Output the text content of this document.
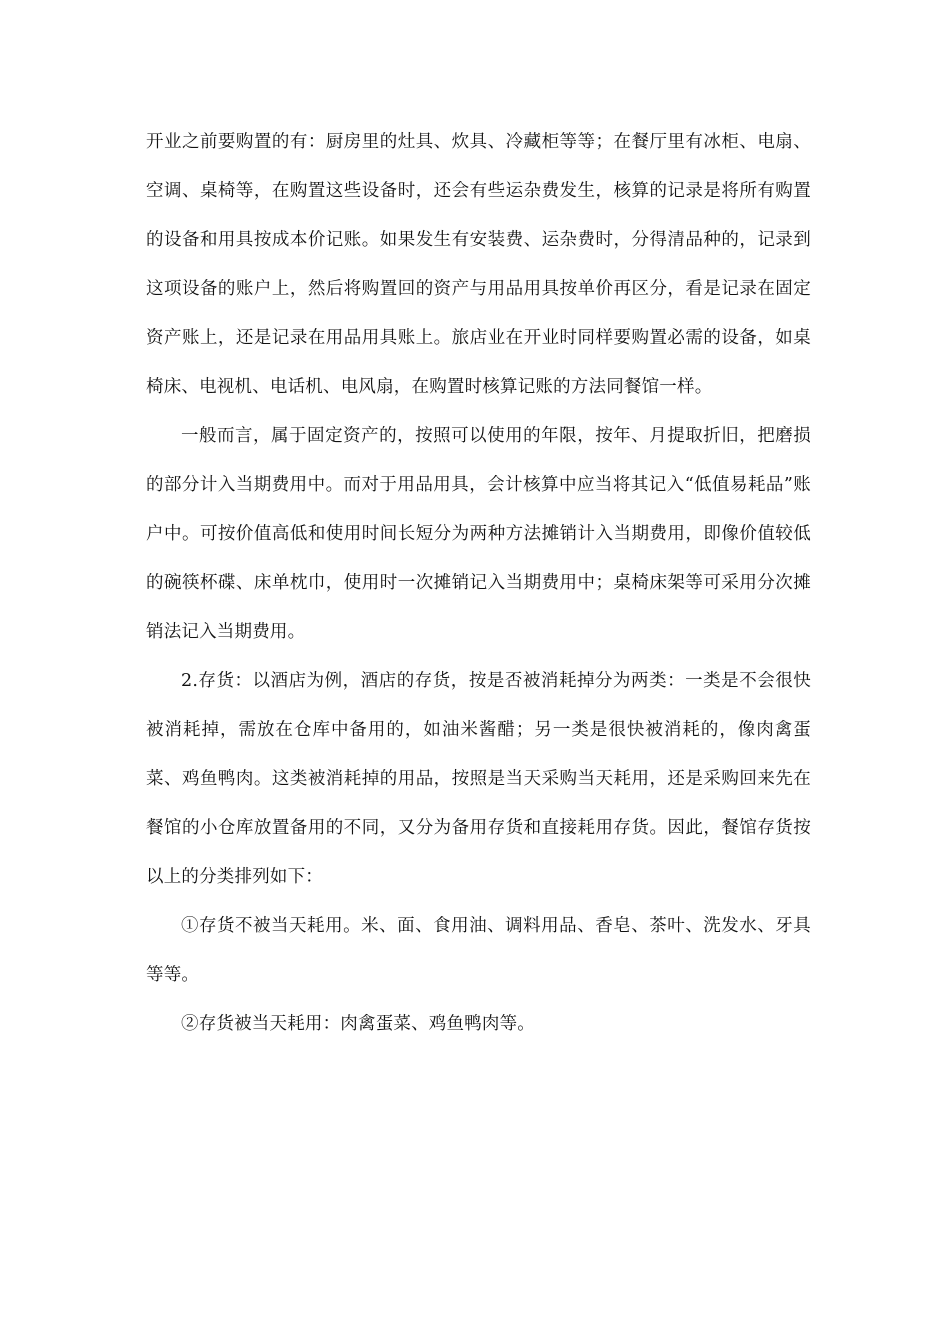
开业之前要购置的有：厨房里的灶具、炊具、冷藏柜等等；在餐厅里有冰柜、电扇、空调、桌椅等，在购置这些设备时，还会有些运杂费发生，核算的记录是将所有购置的设备和用具按成本价记账。如果发生有安装费、运杂费时，分得清品种的，记录到这项设备的账户上，然后将购置回的资产与用品用具按单价再区分，看是记录在固定资产账上，还是记录在用品用具账上。旅店业在开业时同样要购置必需的设备，如桌椅床、电视机、电话机、电风扇，在购置时核算记账的方法同餐馆一样。

一般而言，属于固定资产的，按照可以使用的年限，按年、月提取折旧，把磨损的部分计入当期费用中。而对于用品用具，会计核算中应当将其记入“低值易耗品”账户中。可按价值高低和使用时间长短分为两种方法摊销计入当期费用，即像价值较低的碗筷杯碟、床单枕巾，使用时一次摊销记入当期费用中；桌椅床架等可采用分次摊销法记入当期费用。

2.存货：以酒店为例，酒店的存货，按是否被消耗掉分为两类：一类是不会很快被消耗掉，需放在仓库中备用的，如油米酱醋；另一类是很快被消耗的，像肉禽蛋菜、鸡鱼鸭肉。这类被消耗掉的用品，按照是当天采购当天耗用，还是采购回来先在餐馆的小仓库放置备用的不同，又分为备用存货和直接耗用存货。因此，餐馆存货按以上的分类排列如下：

①存货不被当天耗用。米、面、食用油、调料用品、香皂、茶叶、洗发水、牙具等等。

②存货被当天耗用：肉禽蛋菜、鸡鱼鸭肉等。
